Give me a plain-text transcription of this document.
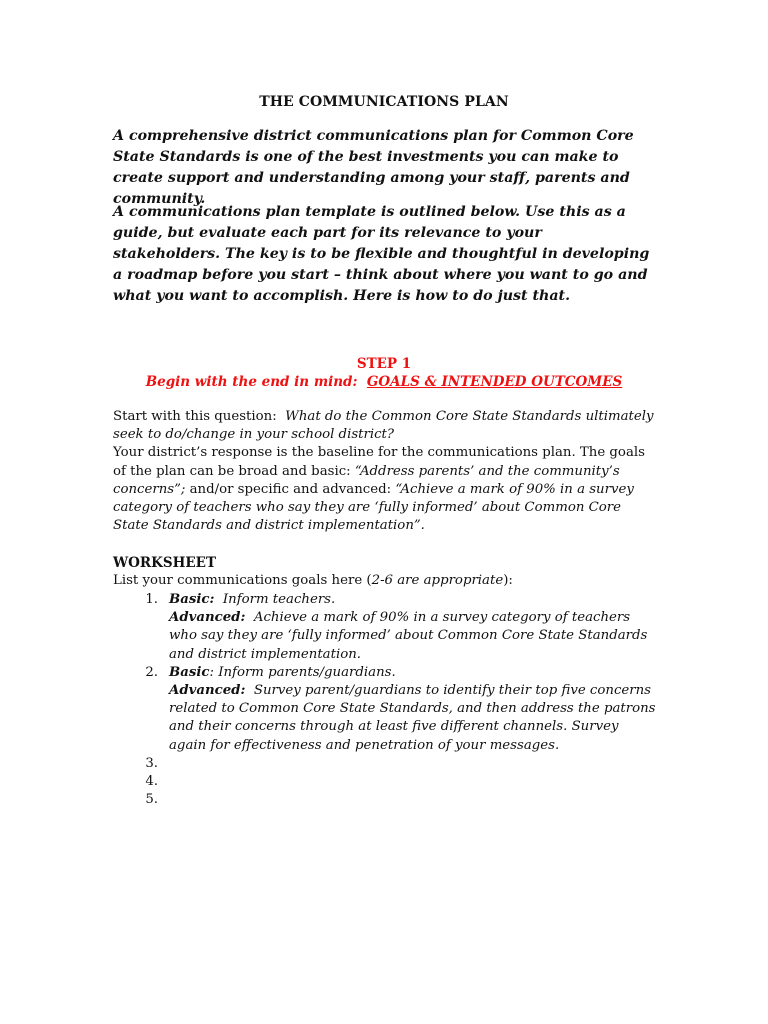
THE COMMUNICATIONS PLAN

A comprehensive district communications plan for Common Core State Standards is one of the best investments you can make to create support and understanding among your staff, parents and community.

A communications plan template is outlined below. Use this as a guide, but evaluate each part for its relevance to your stakeholders. The key is to be flexible and thoughtful in developing a roadmap before you start – think about where you want to go and what you want to accomplish. Here is how to do just that.

STEP 1
Begin with the end in mind: GOALS & INTENDED OUTCOMES

Start with this question: What do the Common Core State Standards ultimately seek to do/change in your school district?
Your district’s response is the baseline for the communications plan. The goals of the plan can be broad and basic: “Address parents’ and the community’s concerns”; and/or specific and advanced: “Achieve a mark of 90% in a survey category of teachers who say they are ‘fully informed’ about Common Core State Standards and district implementation”.

WORKSHEET
List your communications goals here (2-6 are appropriate):
1. Basic: Inform teachers.
Advanced: Achieve a mark of 90% in a survey category of teachers who say they are ‘fully informed’ about Common Core State Standards and district implementation.
2. Basic: Inform parents/guardians.
Advanced: Survey parent/guardians to identify their top five concerns related to Common Core State Standards, and then address the patrons and their concerns through at least five different channels. Survey again for effectiveness and penetration of your messages.
3.
4.
5.
